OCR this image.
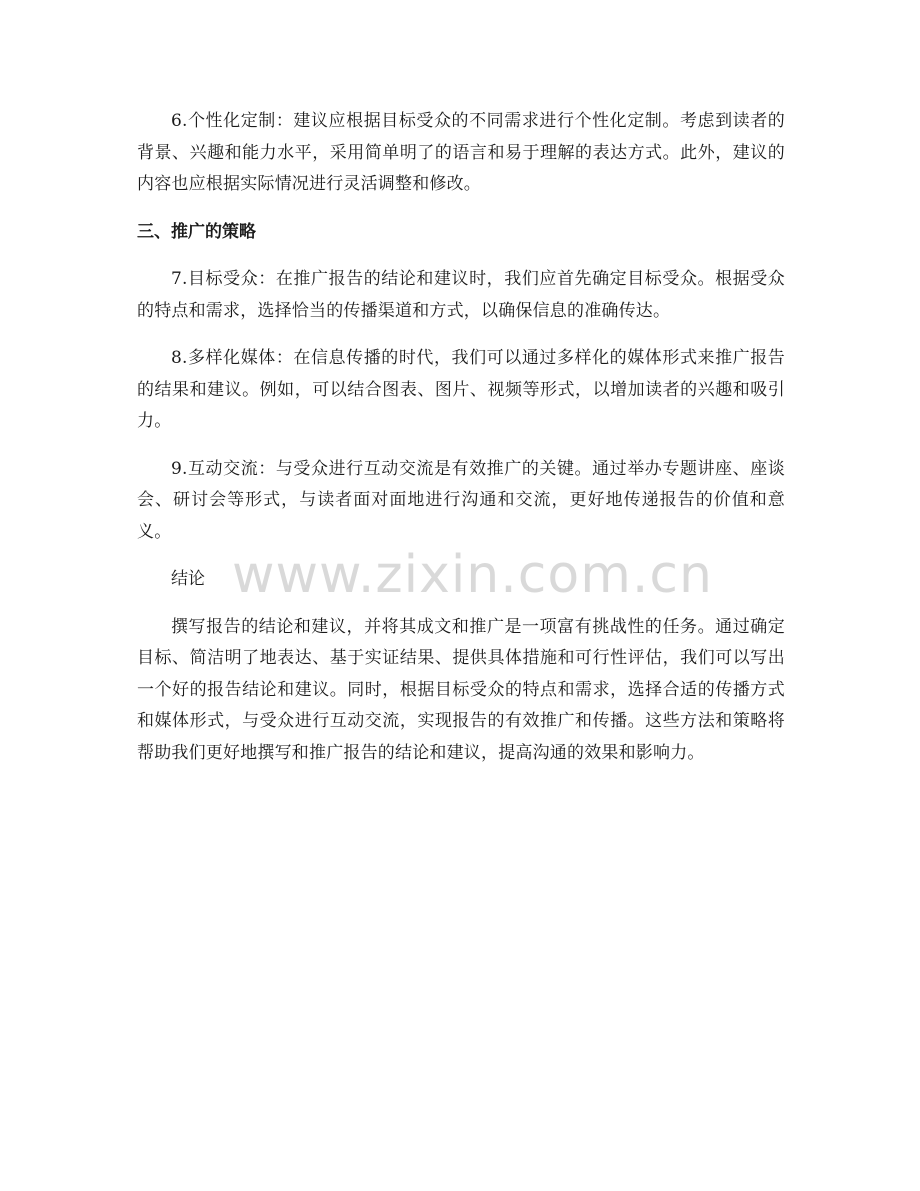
6.个性化定制：建议应根据目标受众的不同需求进行个性化定制。考虑到读者的背景、兴趣和能力水平，采用简单明了的语言和易于理解的表达方式。此外，建议的内容也应根据实际情况进行灵活调整和修改。

三、推广的策略

7.目标受众：在推广报告的结论和建议时，我们应首先确定目标受众。根据受众的特点和需求，选择恰当的传播渠道和方式，以确保信息的准确传达。

8.多样化媒体：在信息传播的时代，我们可以通过多样化的媒体形式来推广报告的结果和建议。例如，可以结合图表、图片、视频等形式，以增加读者的兴趣和吸引力。

9.互动交流：与受众进行互动交流是有效推广的关键。通过举办专题讲座、座谈会、研讨会等形式，与读者面对面地进行沟通和交流，更好地传递报告的价值和意义。

结论

撰写报告的结论和建议，并将其成文和推广是一项富有挑战性的任务。通过确定目标、简洁明了地表达、基于实证结果、提供具体措施和可行性评估，我们可以写出一个好的报告结论和建议。同时，根据目标受众的特点和需求，选择合适的传播方式和媒体形式，与受众进行互动交流，实现报告的有效推广和传播。这些方法和策略将帮助我们更好地撰写和推广报告的结论和建议，提高沟通的效果和影响力。

www.zixin.com.cn
